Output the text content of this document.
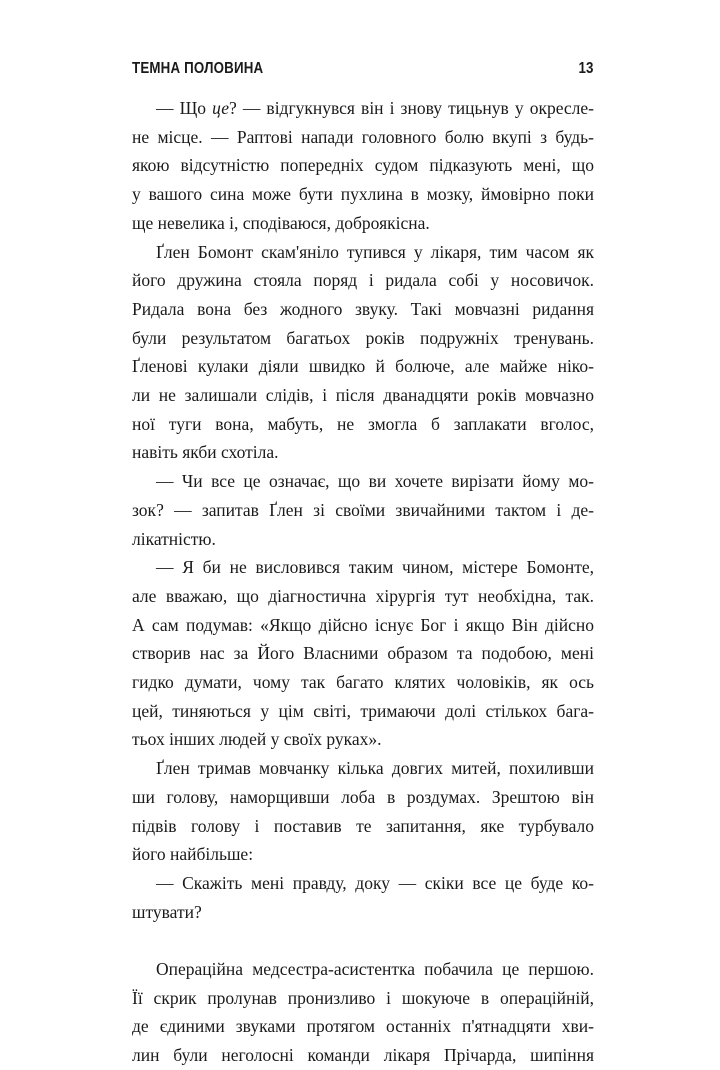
ТЕМНА ПОЛОВИНА	13
— Що це? — відгукнувся він і знову тицьнув у окресле-
не місце. — Раптові напади головного болю вкупі з будь-
якою відсутністю попередніх судом підказують мені, що
у вашого сина може бути пухлина в мозку, ймовірно поки
ще невелика і, сподіваюся, доброякісна.
Ґлен Бомонт скам'яніло тупився у лікаря, тим часом як
його дружина стояла поряд і ридала собі у носовичок.
Ридала вона без жодного звуку. Такі мовчазні ридання
були результатом багатьох років подружніх тренувань.
Ґленові кулаки діяли швидко й болюче, але майже ніко-
ли не залишали слідів, і після дванадцяти років мовчазно
ної туги вона, мабуть, не змогла б заплакати вголос,
навіть якби схотіла.
— Чи все це означає, що ви хочете вирізати йому мо-
зок? — запитав Ґлен зі своїми звичайними тактом і де-
лікатністю.
— Я би не висловився таким чином, містере Бомонте,
але вважаю, що діагностична хірургія тут необхідна, так.
А сам подумав: «Якщо дійсно існує Бог і якщо Він дійсно
створив нас за Його Власними образом та подобою, мені
гидко думати, чому так багато клятих чоловіків, як ось
цей, тиняються у цім світі, тримаючи долі стількох бага-
тьох інших людей у своїх руках».
Ґлен тримав мовчанку кілька довгих митей, похиливши
ши голову, наморщивши лоба в роздумах. Зрештою він
підвів голову і поставив те запитання, яке турбувало
його найбільше:
— Скажіть мені правду, доку — скіки все це буде ко-
штувати?
Операційна медсестра-асистентка побачила це першою.
Її скрик пролунав пронизливо і шокуюче в операційній,
де єдиними звуками протягом останніх п'ятнадцяти хви-
лин були неголосні команди лікаря Прічарда, шипіння
